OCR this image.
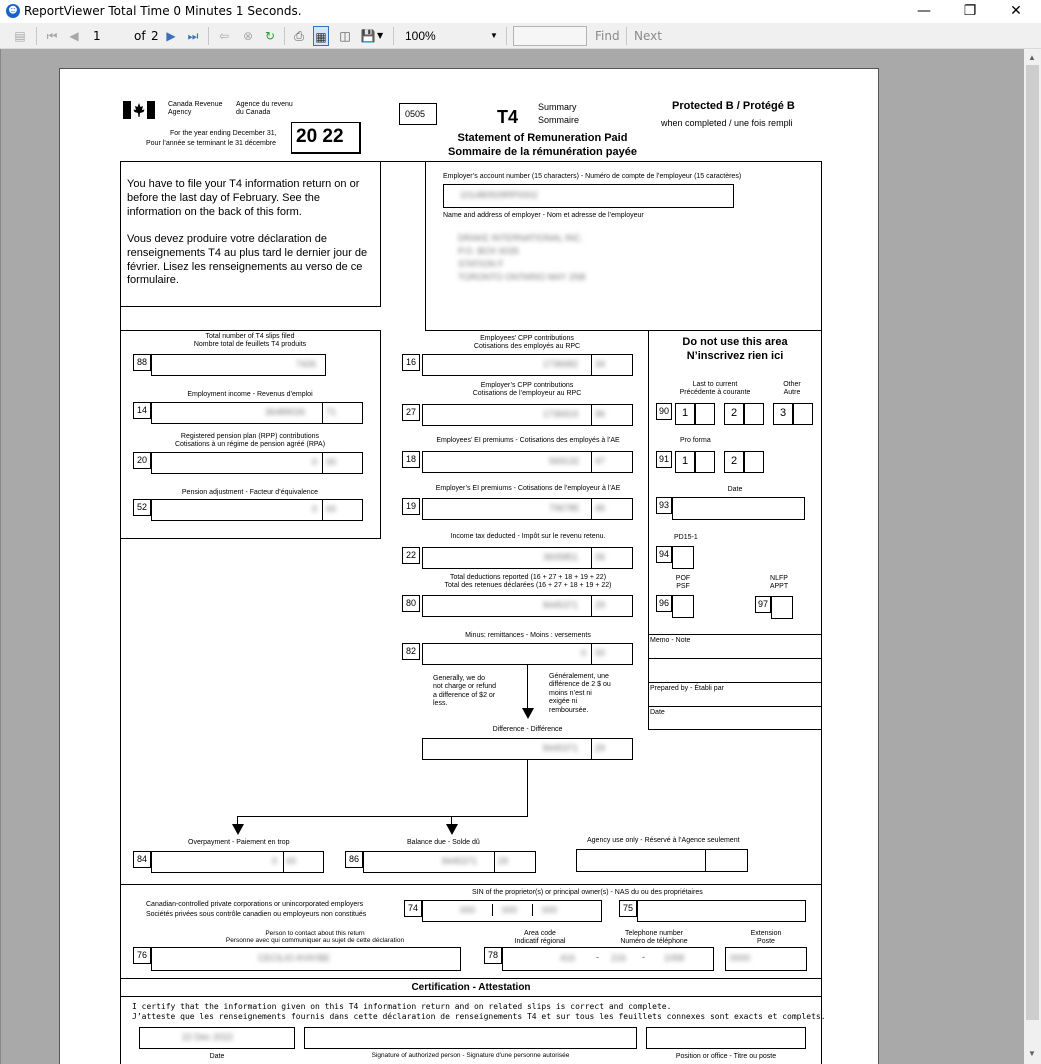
☻ ReportViewer Total Time 0 Minutes 1 Seconds.	—	❐	✕
▤ ⏮ ◀ 1	of 2 ▶ ⏭ ⇦ ⊗ ↻ ⎙ ▦ ◫ 💾 ▼	100%	▼	Find Next
Canada Revenue
Agency
Agence du revenu
du Canada
For the year ending December 31,
Pour l’année se terminant le 31 décembre 20 22
0505	T4 Summary
Sommaire
Protected B / Protégé B
when completed / une fois rempli
Statement of Remuneration Paid
Sommaire de la rémunération payée
You have to file your T4 information return on or before the last day of February. See the information on the back of this form.
Vous devez produire votre déclaration de renseignements T4 au plus tard le dernier jour de février. Lisez les renseignements au verso de ce formulaire.
Employer’s account number (15 characters) - Numéro de compte de l’employeur (15 caractères)
101480509RP0002
Name and address of employer - Nom et adresse de l’employeur
DRAKE INTERNATIONAL INC.
P.O. BOX 6035
STATION F
TORONTO ONTARIO M4Y 2N8
Total number of T4 slips filed
Nombre total de feuillets T4 produits
88	7426
Employment income - Revenus d’emploi
14	36489026 71
Registered pension plan (RPP) contributions
Cotisations à un régime de pension agréé (RPA)
20	0 00
Pension adjustment - Facteur d’équivalence
52	0 00
Employees’ CPP contributions
Cotisations des employés au RPC
16	1736682 34
Employer’s CPP contributions
Cotisations de l’employeur au RPC
27	1736919 96
Employees’ EI premiums - Cotisations des employés à l’AE
18	569132 47
Employer’s EI premiums - Cotisations de l’employeur à l’AE
19	796785 46
Income tax deducted - Impôt sur le revenu retenu.
22	3605851 06
Total deductions reported (16 + 27 + 18 + 19 + 22)
Total des retenues déclarées (16 + 27 + 18 + 19 + 22)
80	8445371 29
Minus: remittances - Moins : versements
82	0 00
Generally, we do
not charge or refund
a difference of $2 or
less.
Généralement, une
différence de 2 $ ou
moins n’est ni
exigée ni
remboursée.
Difference - Différence
8445371 29
Do not use this area
N’inscrivez rien ici
Last to current
Précédente à courante
Other
Autre
90 1	2	3
Pro forma
91 1	2
Date
93
PD15-1
94
POF
PSF
NLFP
APPT
96	97
Memo - Note
Prepared by - Établi par
Date
Overpayment - Paiement en trop
84	0 00
Balance due - Solde dû
86	8445371 29
Agency use only - Réservé à l’Agence seulement
Canadian-controlled private corporations or unincorporated employers
Sociétés privées sous contrôle canadien ou employeurs non constitués
SIN of the proprietor(s) or principal owner(s) - NAS du ou des propriétaires
74	000	000	000	75
Person to contact about this return
Personne avec qui communiquer au sujet de cette déclaration
76	CECILIO AYAYBE
Area code
Indicatif régional
Telephone number
Numéro de téléphone
Extension
Poste
78	416 - 216 - 1058	0000
Certification - Attestation
I certify that the information given on this T4 information return and on related slips is correct and complete.
J’atteste que les renseignements fournis dans cette déclaration de renseignements T4 et sur tous les feuillets connexes sont exacts et complets.
22 Dec 2022
Date	Signature of authorized person - Signature d’une personne autorisée	Position or office - Titre ou poste
▲
▼
